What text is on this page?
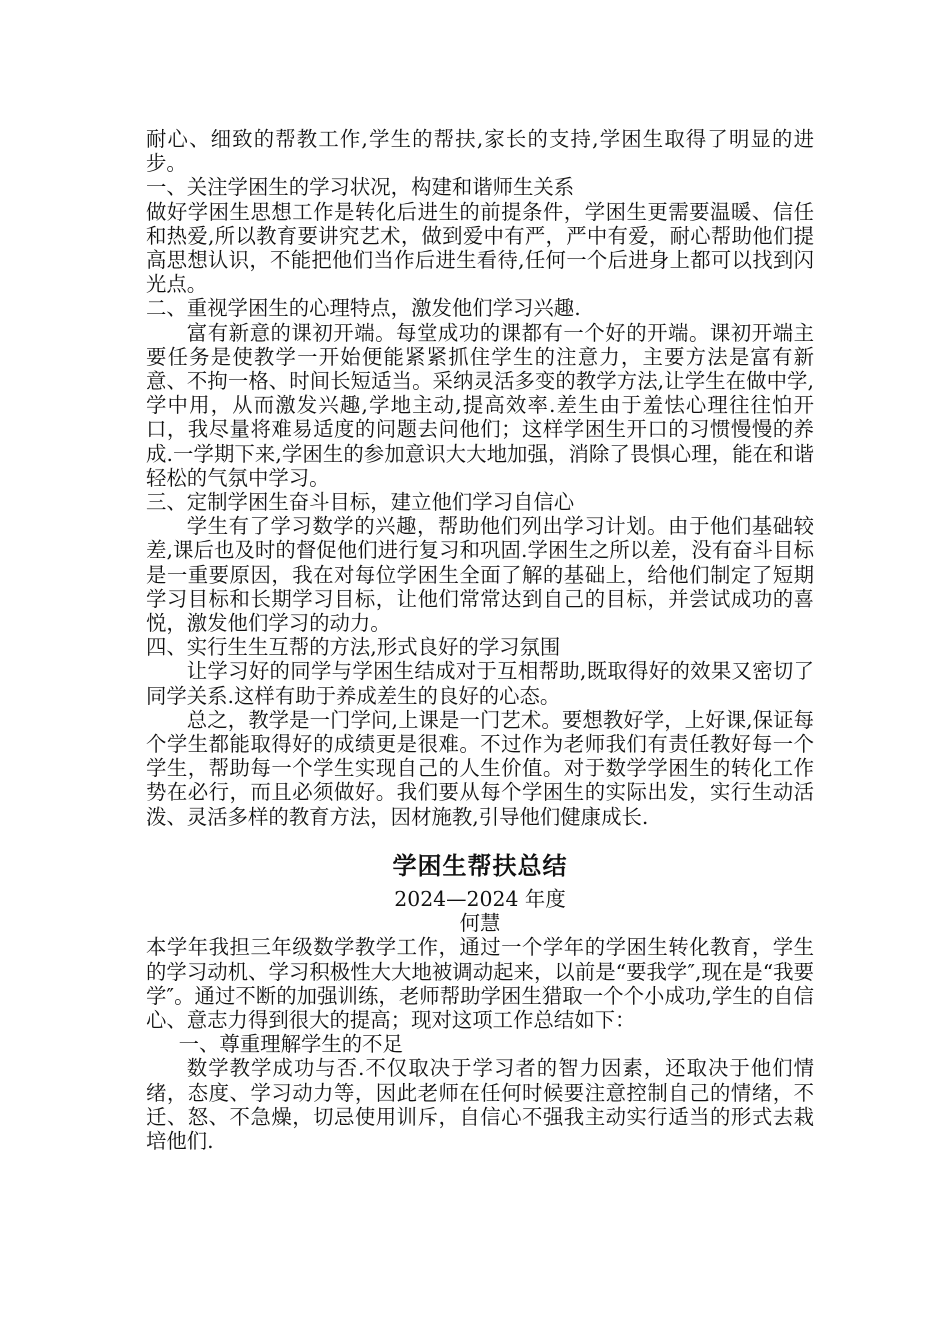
耐心、细致的帮教工作,学生的帮扶,家长的支持,学困生取得了明显的进步。

一、关注学困生的学习状况，构建和谐师生关系

做好学困生思想工作是转化后进生的前提条件，学困生更需要温暖、信任和热爱,所以教育要讲究艺术，做到爱中有严，严中有爱，耐心帮助他们提高思想认识，不能把他们当作后进生看待,任何一个后进身上都可以找到闪光点。

二、重视学困生的心理特点，激发他们学习兴趣.

富有新意的课初开端。每堂成功的课都有一个好的开端。课初开端主要任务是使教学一开始便能紧紧抓住学生的注意力，主要方法是富有新意、不拘一格、时间长短适当。采纳灵活多变的教学方法,让学生在做中学,学中用，从而激发兴趣,学地主动,提高效率.差生由于羞怯心理往往怕开口，我尽量将难易适度的问题去问他们；这样学困生开口的习惯慢慢的养成.一学期下来,学困生的参加意识大大地加强，消除了畏惧心理，能在和谐轻松的气氛中学习。

三、定制学困生奋斗目标，建立他们学习自信心

学生有了学习数学的兴趣，帮助他们列出学习计划。由于他们基础较差,课后也及时的督促他们进行复习和巩固.学困生之所以差，没有奋斗目标是一重要原因，我在对每位学困生全面了解的基础上，给他们制定了短期学习目标和长期学习目标，让他们常常达到自己的目标，并尝试成功的喜悦，激发他们学习的动力。

四、实行生生互帮的方法,形式良好的学习氛围

让学习好的同学与学困生结成对于互相帮助,既取得好的效果又密切了同学关系.这样有助于养成差生的良好的心态。

总之，教学是一门学问,上课是一门艺术。要想教好学，上好课,保证每个学生都能取得好的成绩更是很难。不过作为老师我们有责任教好每一个学生，帮助每一个学生实现自己的人生价值。对于数学学困生的转化工作势在必行，而且必须做好。我们要从每个学困生的实际出发，实行生动活泼、灵活多样的教育方法，因材施教,引导他们健康成长.

学困生帮扶总结

2024—2024 年度

何慧

本学年我担三年级数学教学工作，通过一个学年的学困生转化教育，学生的学习动机、学习积极性大大地被调动起来，以前是“要我学″,现在是“我要学″。通过不断的加强训练，老师帮助学困生猎取一个个小成功,学生的自信心、意志力得到很大的提高；现对这项工作总结如下：

一、尊重理解学生的不足

数学教学成功与否.不仅取决于学习者的智力因素，还取决于他们情绪，态度、学习动力等，因此老师在任何时候要注意控制自己的情绪，不迁、怒、不急燥，切忌使用训斥，自信心不强我主动实行适当的形式去栽培他们.
